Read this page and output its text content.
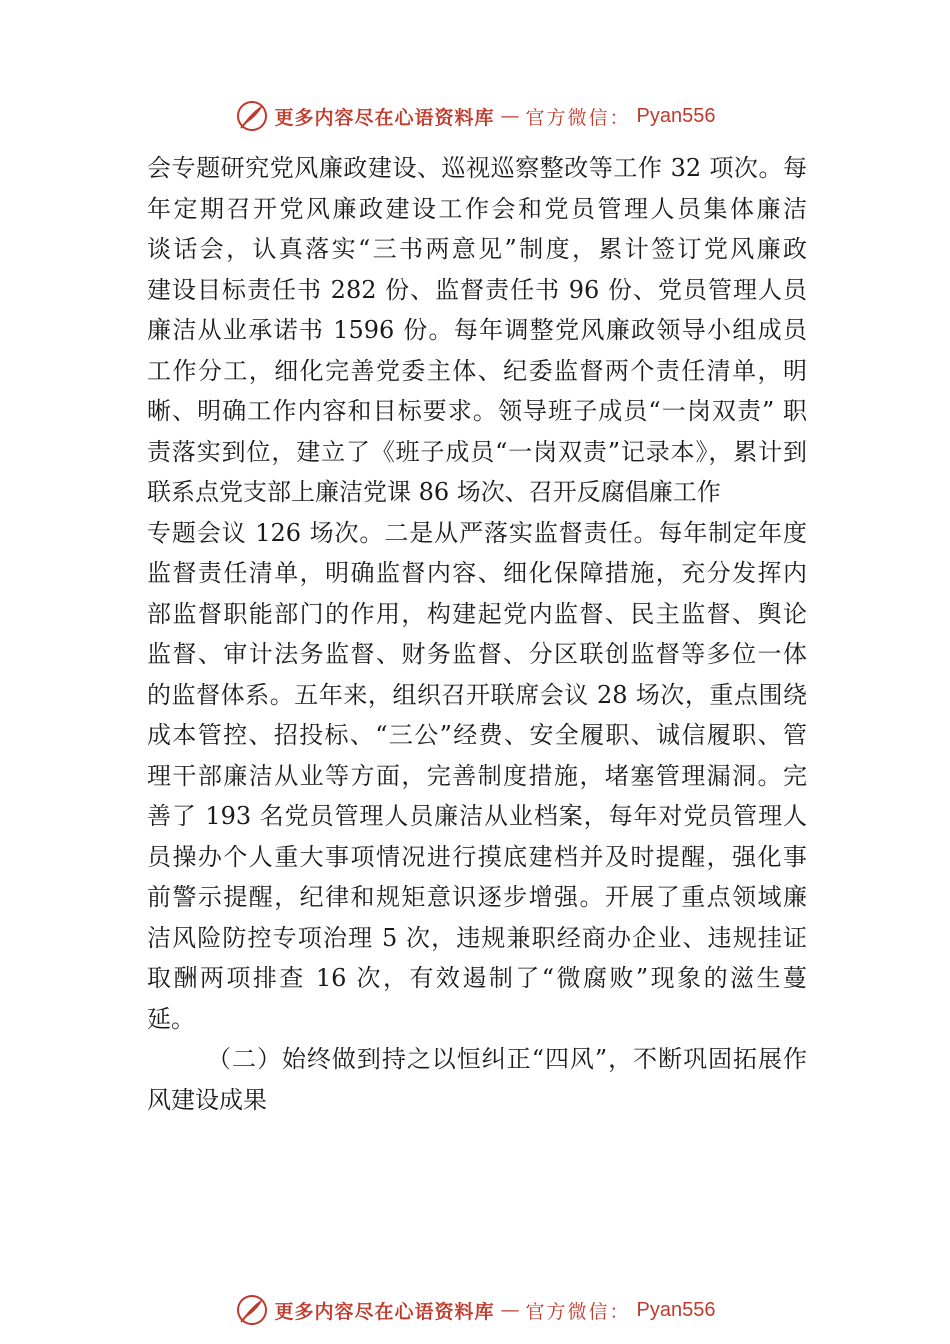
更多内容尽在心语资料库 — 官方微信： Pyan556
会专题研究党风廉政建设、巡视巡察整改等工作 32 项次。每
年定期召开党风廉政建设工作会和党员管理人员集体廉洁
谈话会，认真落实“三书两意见”制度，累计签订党风廉政
建设目标责任书 282 份、监督责任书 96 份、党员管理人员
廉洁从业承诺书 1596 份。每年调整党风廉政领导小组成员
工作分工，细化完善党委主体、纪委监督两个责任清单，明
晰、明确工作内容和目标要求。领导班子成员“一岗双责” 职
责落实到位，建立了《班子成员“一岗双责”记录本》，累计到
联系点党支部上廉洁党课 86 场次、召开反腐倡廉工作
专题会议 126 场次。二是从严落实监督责任。每年制定年度
监督责任清单，明确监督内容、细化保障措施，充分发挥内
部监督职能部门的作用，构建起党内监督、民主监督、舆论
监督、审计法务监督、财务监督、分区联创监督等多位一体
的监督体系。五年来，组织召开联席会议 28 场次，重点围绕
成本管控、招投标、“三公”经费、安全履职、诚信履职、管
理干部廉洁从业等方面，完善制度措施，堵塞管理漏洞。完
善了 193 名党员管理人员廉洁从业档案，每年对党员管理人
员操办个人重大事项情况进行摸底建档并及时提醒，强化事
前警示提醒，纪律和规矩意识逐步增强。开展了重点领域廉
洁风险防控专项治理 5 次，违规兼职经商办企业、违规挂证
取酬两项排查 16 次，有效遏制了“微腐败”现象的滋生蔓
延。
（二）始终做到持之以恒纠正“四风”，不断巩固拓展作
风建设成果
更多内容尽在心语资料库 — 官方微信： Pyan556
